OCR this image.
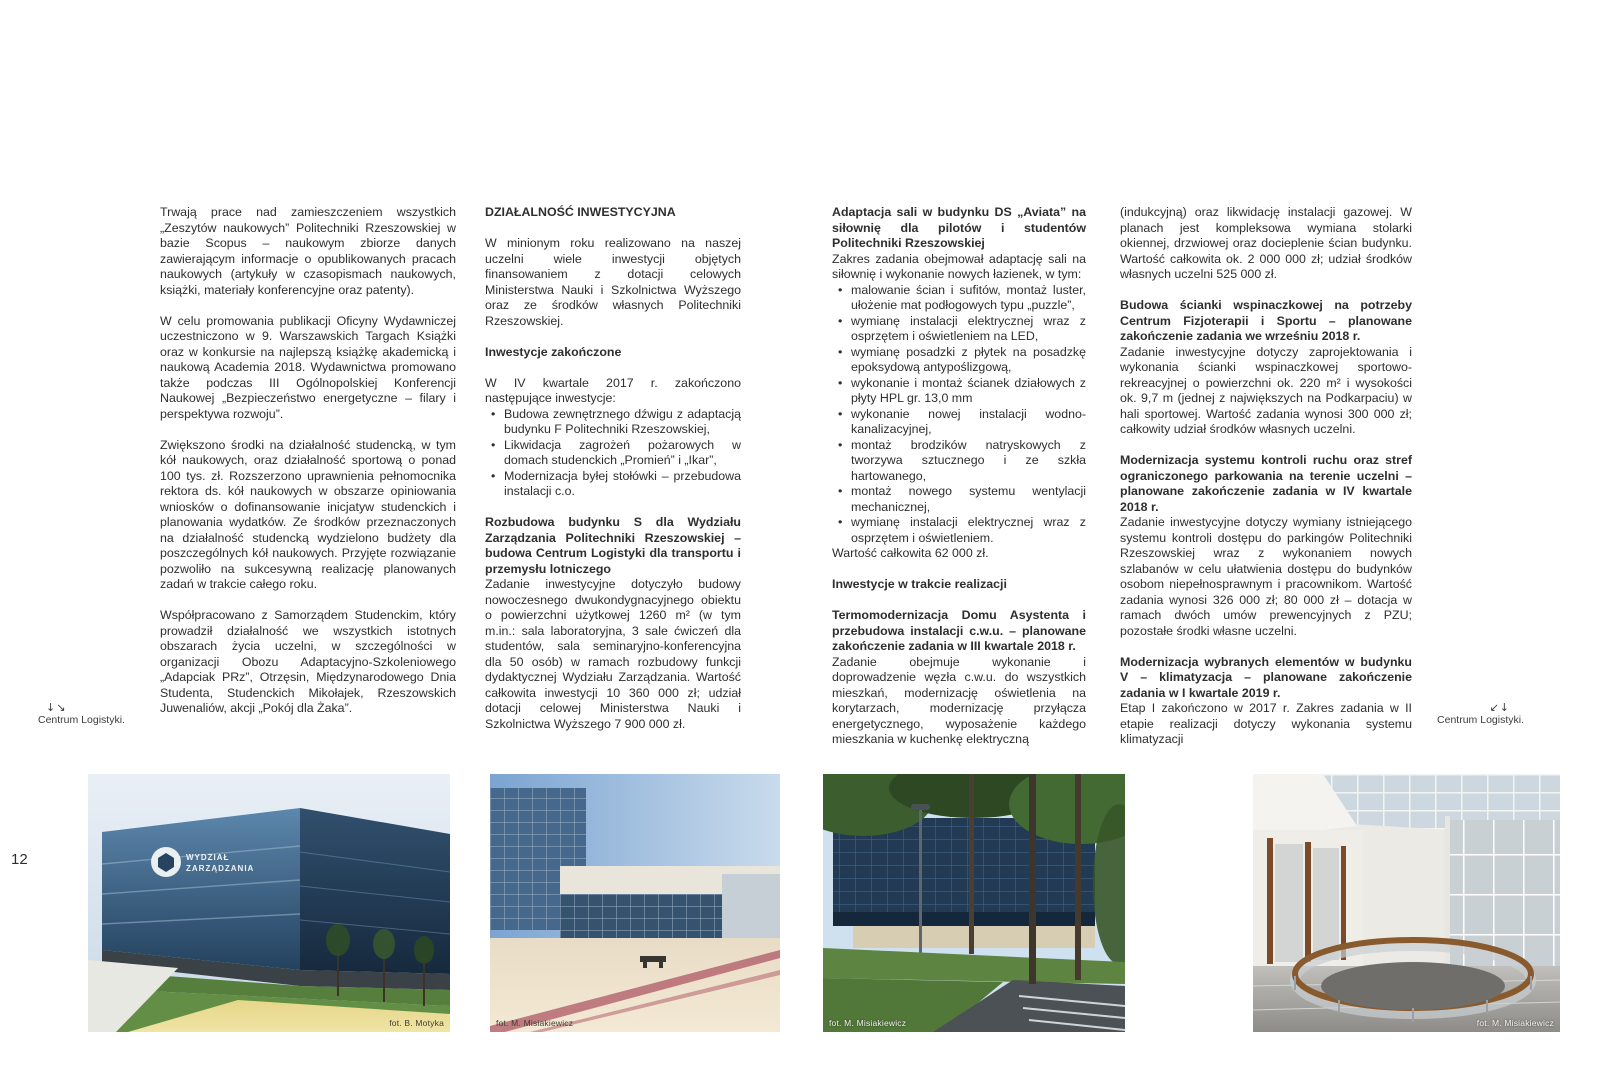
Trwają prace nad zamieszczeniem wszystkich „Zeszytów naukowych” Politechniki Rzeszowskiej w bazie Scopus – naukowym zbiorze danych zawierającym informacje o opublikowanych pracach naukowych (artykuły w czasopismach naukowych, książki, materiały konferencyjne oraz patenty).

W celu promowania publikacji Oficyny Wydawniczej uczestniczono w 9. Warszawskich Targach Książki oraz w konkursie na najlepszą książkę akademicką i naukową Academia 2018. Wydawnictwa promowano także podczas III Ogólnopolskiej Konferencji Naukowej „Bezpieczeństwo energetyczne – filary i perspektywa rozwoju”.

Zwiększono środki na działalność studencką, w tym kół naukowych, oraz działalność sportową o ponad 100 tys. zł. Rozszerzono uprawnienia pełnomocnika rektora ds. kół naukowych w obszarze opiniowania wniosków o dofinansowanie inicjatyw studenckich i planowania wydatków. Ze środków przeznaczonych na działalność studencką wydzielono budżety dla poszczególnych kół naukowych. Przyjęte rozwiązanie pozwoliło na sukcesywną realizację planowanych zadań w trakcie całego roku.

Współpracowano z Samorządem Studenckim, który prowadził działalność we wszystkich istotnych obszarach życia uczelni, w szczególności w organizacji Obozu Adaptacyjno-Szkoleniowego „Adapciak PRz”, Otrzęsin, Międzynarodowego Dnia Studenta, Studenckich Mikołajek, Rzeszowskich Juwenaliów, akcji „Pokój dla Żaka”.

DZIAŁALNOŚĆ INWESTYCYJNA

W minionym roku realizowano na naszej uczelni wiele inwestycji objętych finansowaniem z dotacji celowych Ministerstwa Nauki i Szkolnictwa Wyższego oraz ze środków własnych Politechniki Rzeszowskiej.

Inwestycje zakończone

W IV kwartale 2017 r. zakończono następujące inwestycje:

• Budowa zewnętrznego dźwigu z adaptacją budynku F Politechniki Rzeszowskiej,
• Likwidacja zagrożeń pożarowych w domach studenckich „Promień” i „Ikar”,
• Modernizacja byłej stołówki – przebudowa instalacji c.o.
Rozbudowa budynku S dla Wydziału Zarządzania Politechniki Rzeszowskiej – budowa Centrum Logistyki dla transportu i przemysłu lotniczego

Zadanie inwestycyjne dotyczyło budowy nowoczesnego dwukondygnacyjnego obiektu o powierzchni użytkowej 1260 m² (w tym m.in.: sala laboratoryjna, 3 sale ćwiczeń dla studentów, sala seminaryjno-konferencyjna dla 50 osób) w ramach rozbudowy funkcji dydaktycznej Wydziału Zarządzania. Wartość całkowita inwestycji 10 360 000 zł; udział dotacji celowej Ministerstwa Nauki i Szkolnictwa Wyższego 7 900 000 zł.

Adaptacja sali w budynku DS „Aviata” na siłownię dla pilotów i studentów Politechniki Rzeszowskiej

Zakres zadania obejmował adaptację sali na siłownię i wykonanie nowych łazienek, w tym:

• malowanie ścian i sufitów, montaż luster, ułożenie mat podłogowych typu „puzzle”,
• wymianę instalacji elektrycznej wraz z osprzętem i oświetleniem na LED,
• wymianę posadzki z płytek na posadzkę epoksydową antypoślizgową,
• wykonanie i montaż ścianek działowych z płyty HPL gr. 13,0 mm
• wykonanie nowej instalacji wodno-kanalizacyjnej,
• montaż brodzików natryskowych z tworzywa sztucznego i ze szkła hartowanego,
• montaż nowego systemu wentylacji mechanicznej,
• wymianę instalacji elektrycznej wraz z osprzętem i oświetleniem.

Wartość całkowita 62 000 zł.

Inwestycje w trakcie realizacji
Termomodernizacja Domu Asystenta i przebudowa instalacji c.w.u. – planowane zakończenie zadania w III kwartale 2018 r.

Zadanie obejmuje wykonanie i doprowadzenie węzła c.w.u. do wszystkich mieszkań, modernizację oświetlenia na korytarzach, modernizację przyłącza energetycznego, wyposażenie każdego mieszkania w kuchenkę elektryczną

(indukcyjną) oraz likwidację instalacji gazowej. W planach jest kompleksowa wymiana stolarki okiennej, drzwiowej oraz docieplenie ścian budynku. Wartość całkowita ok. 2 000 000 zł; udział środków własnych uczelni 525 000 zł.

Budowa ścianki wspinaczkowej na potrzeby Centrum Fizjoterapii i Sportu – planowane zakończenie zadania we wrześniu 2018 r.

Zadanie inwestycyjne dotyczy zaprojektowania i wykonania ścianki wspinaczkowej sportowo-rekreacyjnej o powierzchni ok. 220 m² i wysokości ok. 9,7 m (jednej z największych na Podkarpaciu) w hali sportowej. Wartość zadania wynosi 300 000 zł; całkowity udział środków własnych uczelni.

Modernizacja systemu kontroli ruchu oraz stref ograniczonego parkowania na terenie uczelni – planowane zakończenie zadania w IV kwartale 2018 r.

Zadanie inwestycyjne dotyczy wymiany istniejącego systemu kontroli dostępu do parkingów Politechniki Rzeszowskiej wraz z wykonaniem nowych szlabanów w celu ułatwienia dostępu do budynków osobom niepełnosprawnym i pracownikom. Wartość zadania wynosi 326 000 zł; 80 000 zł – dotacja w ramach dwóch umów prewencyjnych z PZU; pozostałe środki własne uczelni.

Modernizacja wybranych elementów w budynku V – klimatyzacja – planowane zakończenie zadania w I kwartale 2019 r.

Etap I zakończono w 2017 r. Zakres zadania w II etapie realizacji dotyczy wykonania systemu klimatyzacji

↓↘
Centrum Logistyki.
↙↓
Centrum Logistyki.
12	WYDZIAŁ
ZARZĄDZANIA
fot. B. Motyka	fot. M. Misiakiewicz	fot. M. Misiakiewicz	fot. M. Misiakiewicz
